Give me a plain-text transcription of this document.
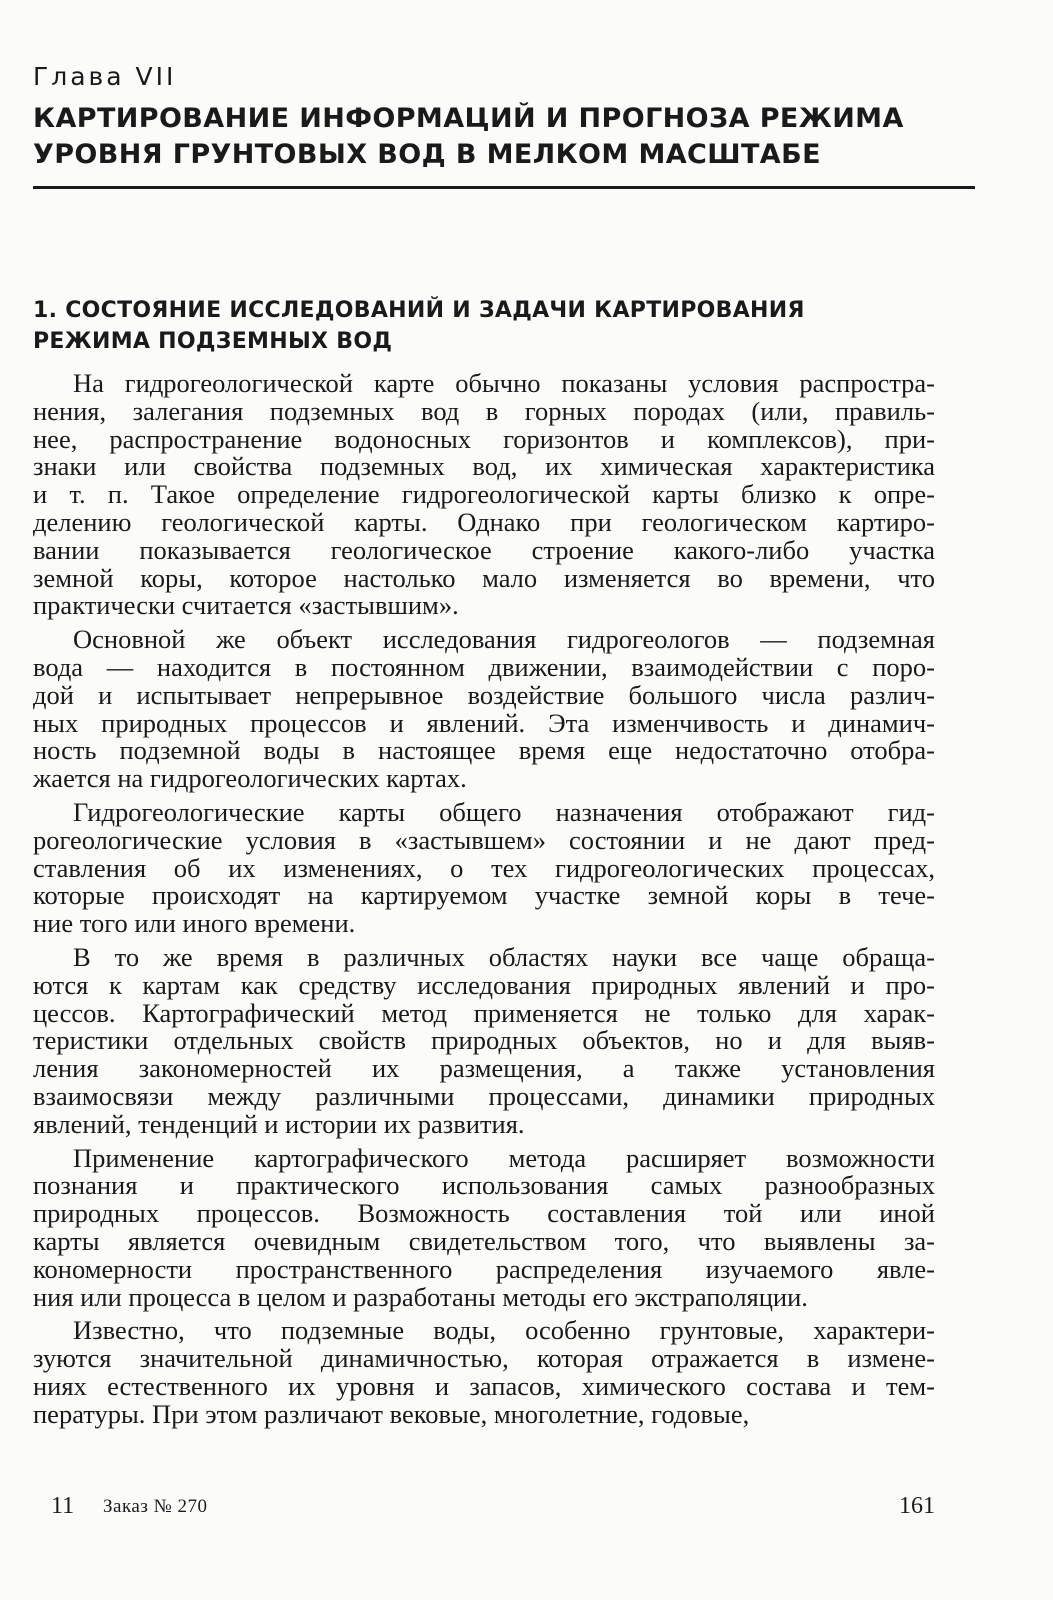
Глава VII
КАРТИРОВАНИЕ ИНФОРМАЦИЙ И ПРОГНОЗА РЕЖИМА
УРОВНЯ ГРУНТОВЫХ ВОД В МЕЛКОМ МАСШТАБЕ
1. СОСТОЯНИЕ ИССЛЕДОВАНИЙ И ЗАДАЧИ КАРТИРОВАНИЯ
РЕЖИМА ПОДЗЕМНЫХ ВОД
На гидрогеологической карте обычно показаны условия распростра-
нения, залегания подземных вод в горных породах (или, правиль-
нее, распространение водоносных горизонтов и комплексов), при-
знаки или свойства подземных вод, их химическая характеристика
и т. п. Такое определение гидрогеологической карты близко к опре-
делению геологической карты. Однако при геологическом картиро-
вании показывается геологическое строение какого-либо участка
земной коры, которое настолько мало изменяется во времени, что
практически считается «застывшим».
Основной же объект исследования гидрогеологов — подземная
вода — находится в постоянном движении, взаимодействии с поро-
дой и испытывает непрерывное воздействие большого числа различ-
ных природных процессов и явлений. Эта изменчивость и динамич-
ность подземной воды в настоящее время еще недостаточно отобра-
жается на гидрогеологических картах.
Гидрогеологические карты общего назначения отображают гид-
рогеологические условия в «застывшем» состоянии и не дают пред-
ставления об их изменениях, о тех гидрогеологических процессах,
которые происходят на картируемом участке земной коры в тече-
ние того или иного времени.
В то же время в различных областях науки все чаще обраща-
ются к картам как средству исследования природных явлений и про-
цессов. Картографический метод применяется не только для харак-
теристики отдельных свойств природных объектов, но и для выяв-
ления закономерностей их размещения, а также установления
взаимосвязи между различными процессами, динамики природных
явлений, тенденций и истории их развития.
Применение картографического метода расширяет возможности
познания и практического использования самых разнообразных
природных процессов. Возможность составления той или иной
карты является очевидным свидетельством того, что выявлены за-
кономерности пространственного распределения изучаемого явле-
ния или процесса в целом и разработаны методы его экстраполяции.
Известно, что подземные воды, особенно грунтовые, характери-
зуются значительной динамичностью, которая отражается в измене-
ниях естественного их уровня и запасов, химического состава и тем-
пературы. При этом различают вековые, многолетние, годовые,
11 Заказ № 270	161
